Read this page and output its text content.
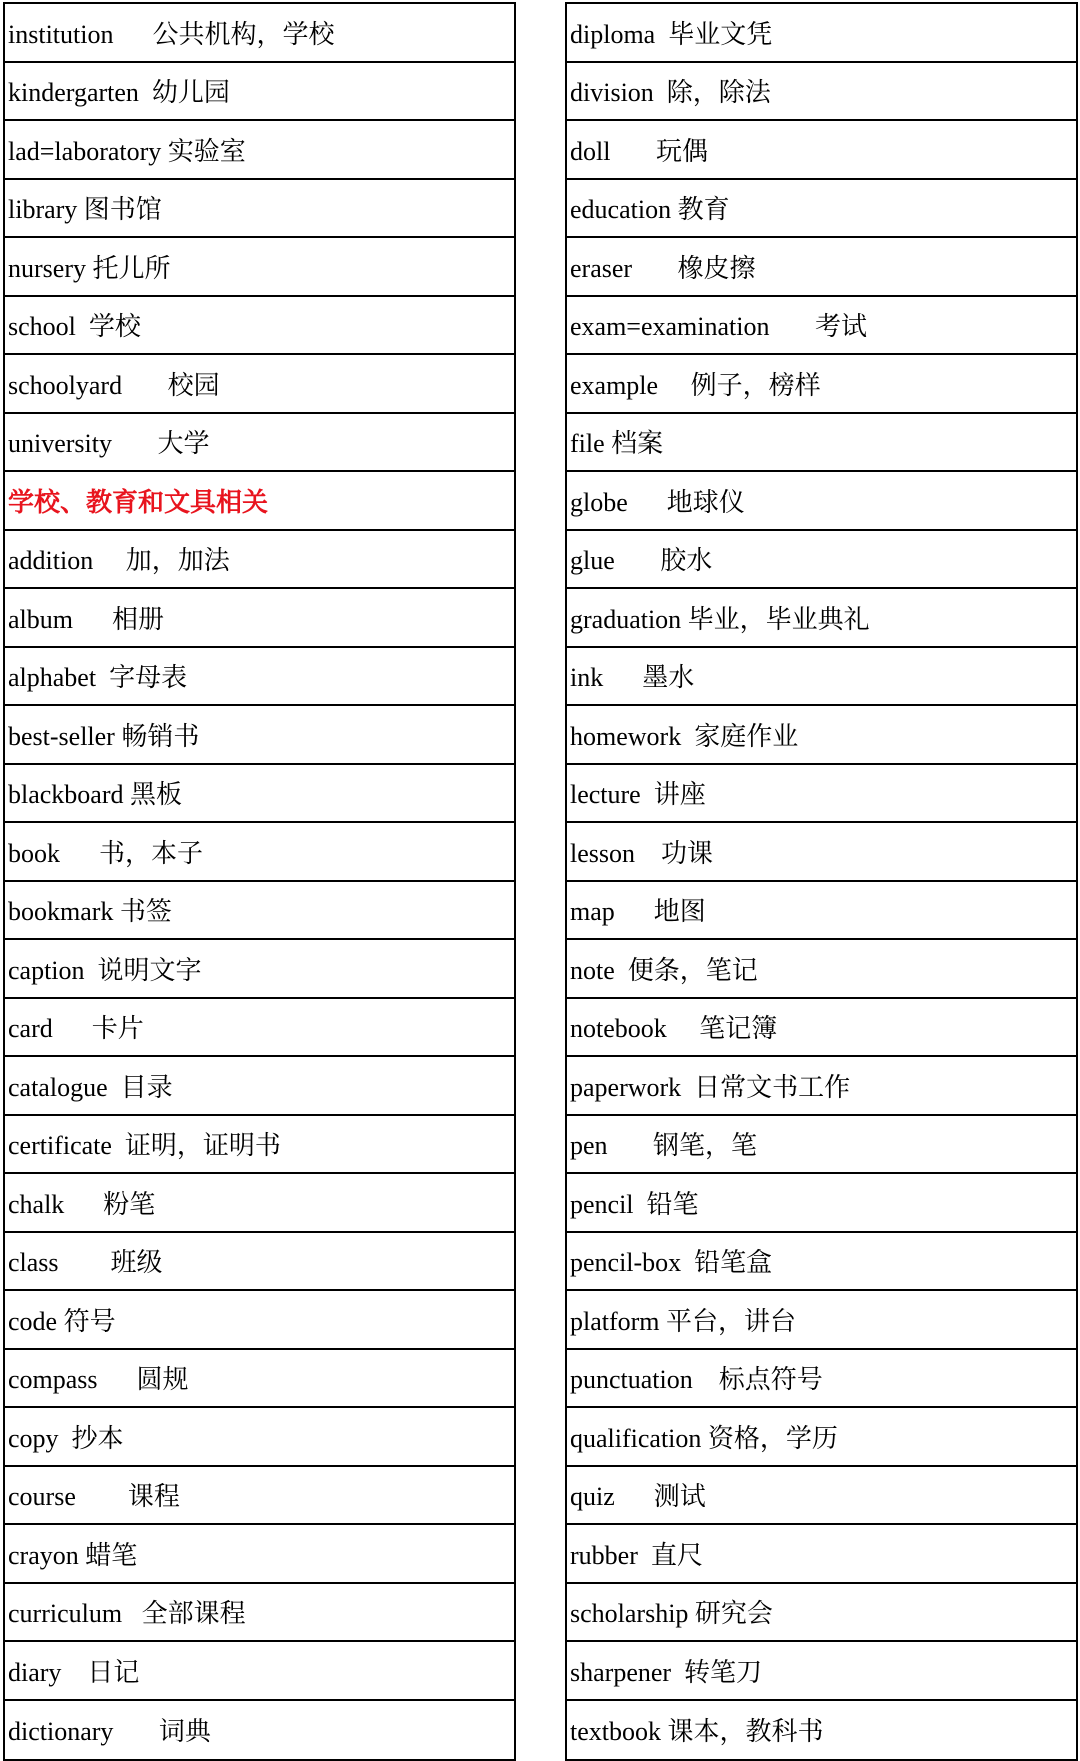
institution      公共机构，学校
kindergarten  幼儿园
lad=laboratory 实验室
library 图书馆
nursery 托儿所
school  学校
schoolyard       校园
university       大学
学校、教育和文具相关
addition     加，加法
album      相册
alphabet  字母表
best-seller 畅销书
blackboard 黑板
book      书，本子
bookmark 书签
caption  说明文字
card      卡片
catalogue  目录
certificate  证明，证明书
chalk      粉笔
class        班级
code 符号
compass      圆规
copy  抄本
course        课程
crayon 蜡笔
curriculum   全部课程
diary    日记
dictionary       词典
diploma  毕业文凭
division  除，除法
doll       玩偶
education 教育
eraser       橡皮擦
exam=examination       考试
example     例子，榜样
file 档案
globe      地球仪
glue       胶水
graduation 毕业，毕业典礼
ink      墨水
homework  家庭作业
lecture  讲座
lesson    功课
map      地图
note  便条，笔记
notebook     笔记簿
paperwork  日常文书工作
pen       钢笔，笔
pencil  铅笔
pencil-box  铅笔盒
platform 平台，讲台
punctuation    标点符号
qualification 资格，学历
quiz      测试
rubber  直尺
scholarship 研究会
sharpener  转笔刀
textbook 课本，教科书
